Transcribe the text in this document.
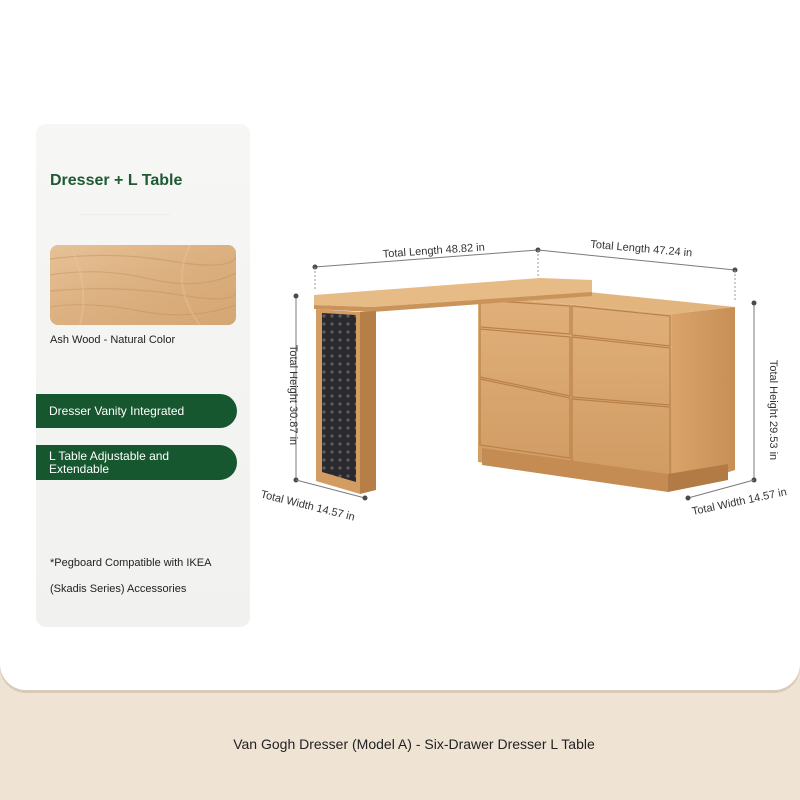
Dresser + L Table
Ash Wood - Natural Color
Dresser Vanity Integrated
L Table Adjustable and Extendable
*Pegboard Compatible with IKEA
(Skadis Series) Accessories
Total Length 48.82 in	Total Length 47.24 in
Total Height 30.87 in	Total Height 29.53 in
Total Width 14.57 in	Total Width 14.57 in
Van Gogh Dresser (Model A) - Six-Drawer Dresser L Table
